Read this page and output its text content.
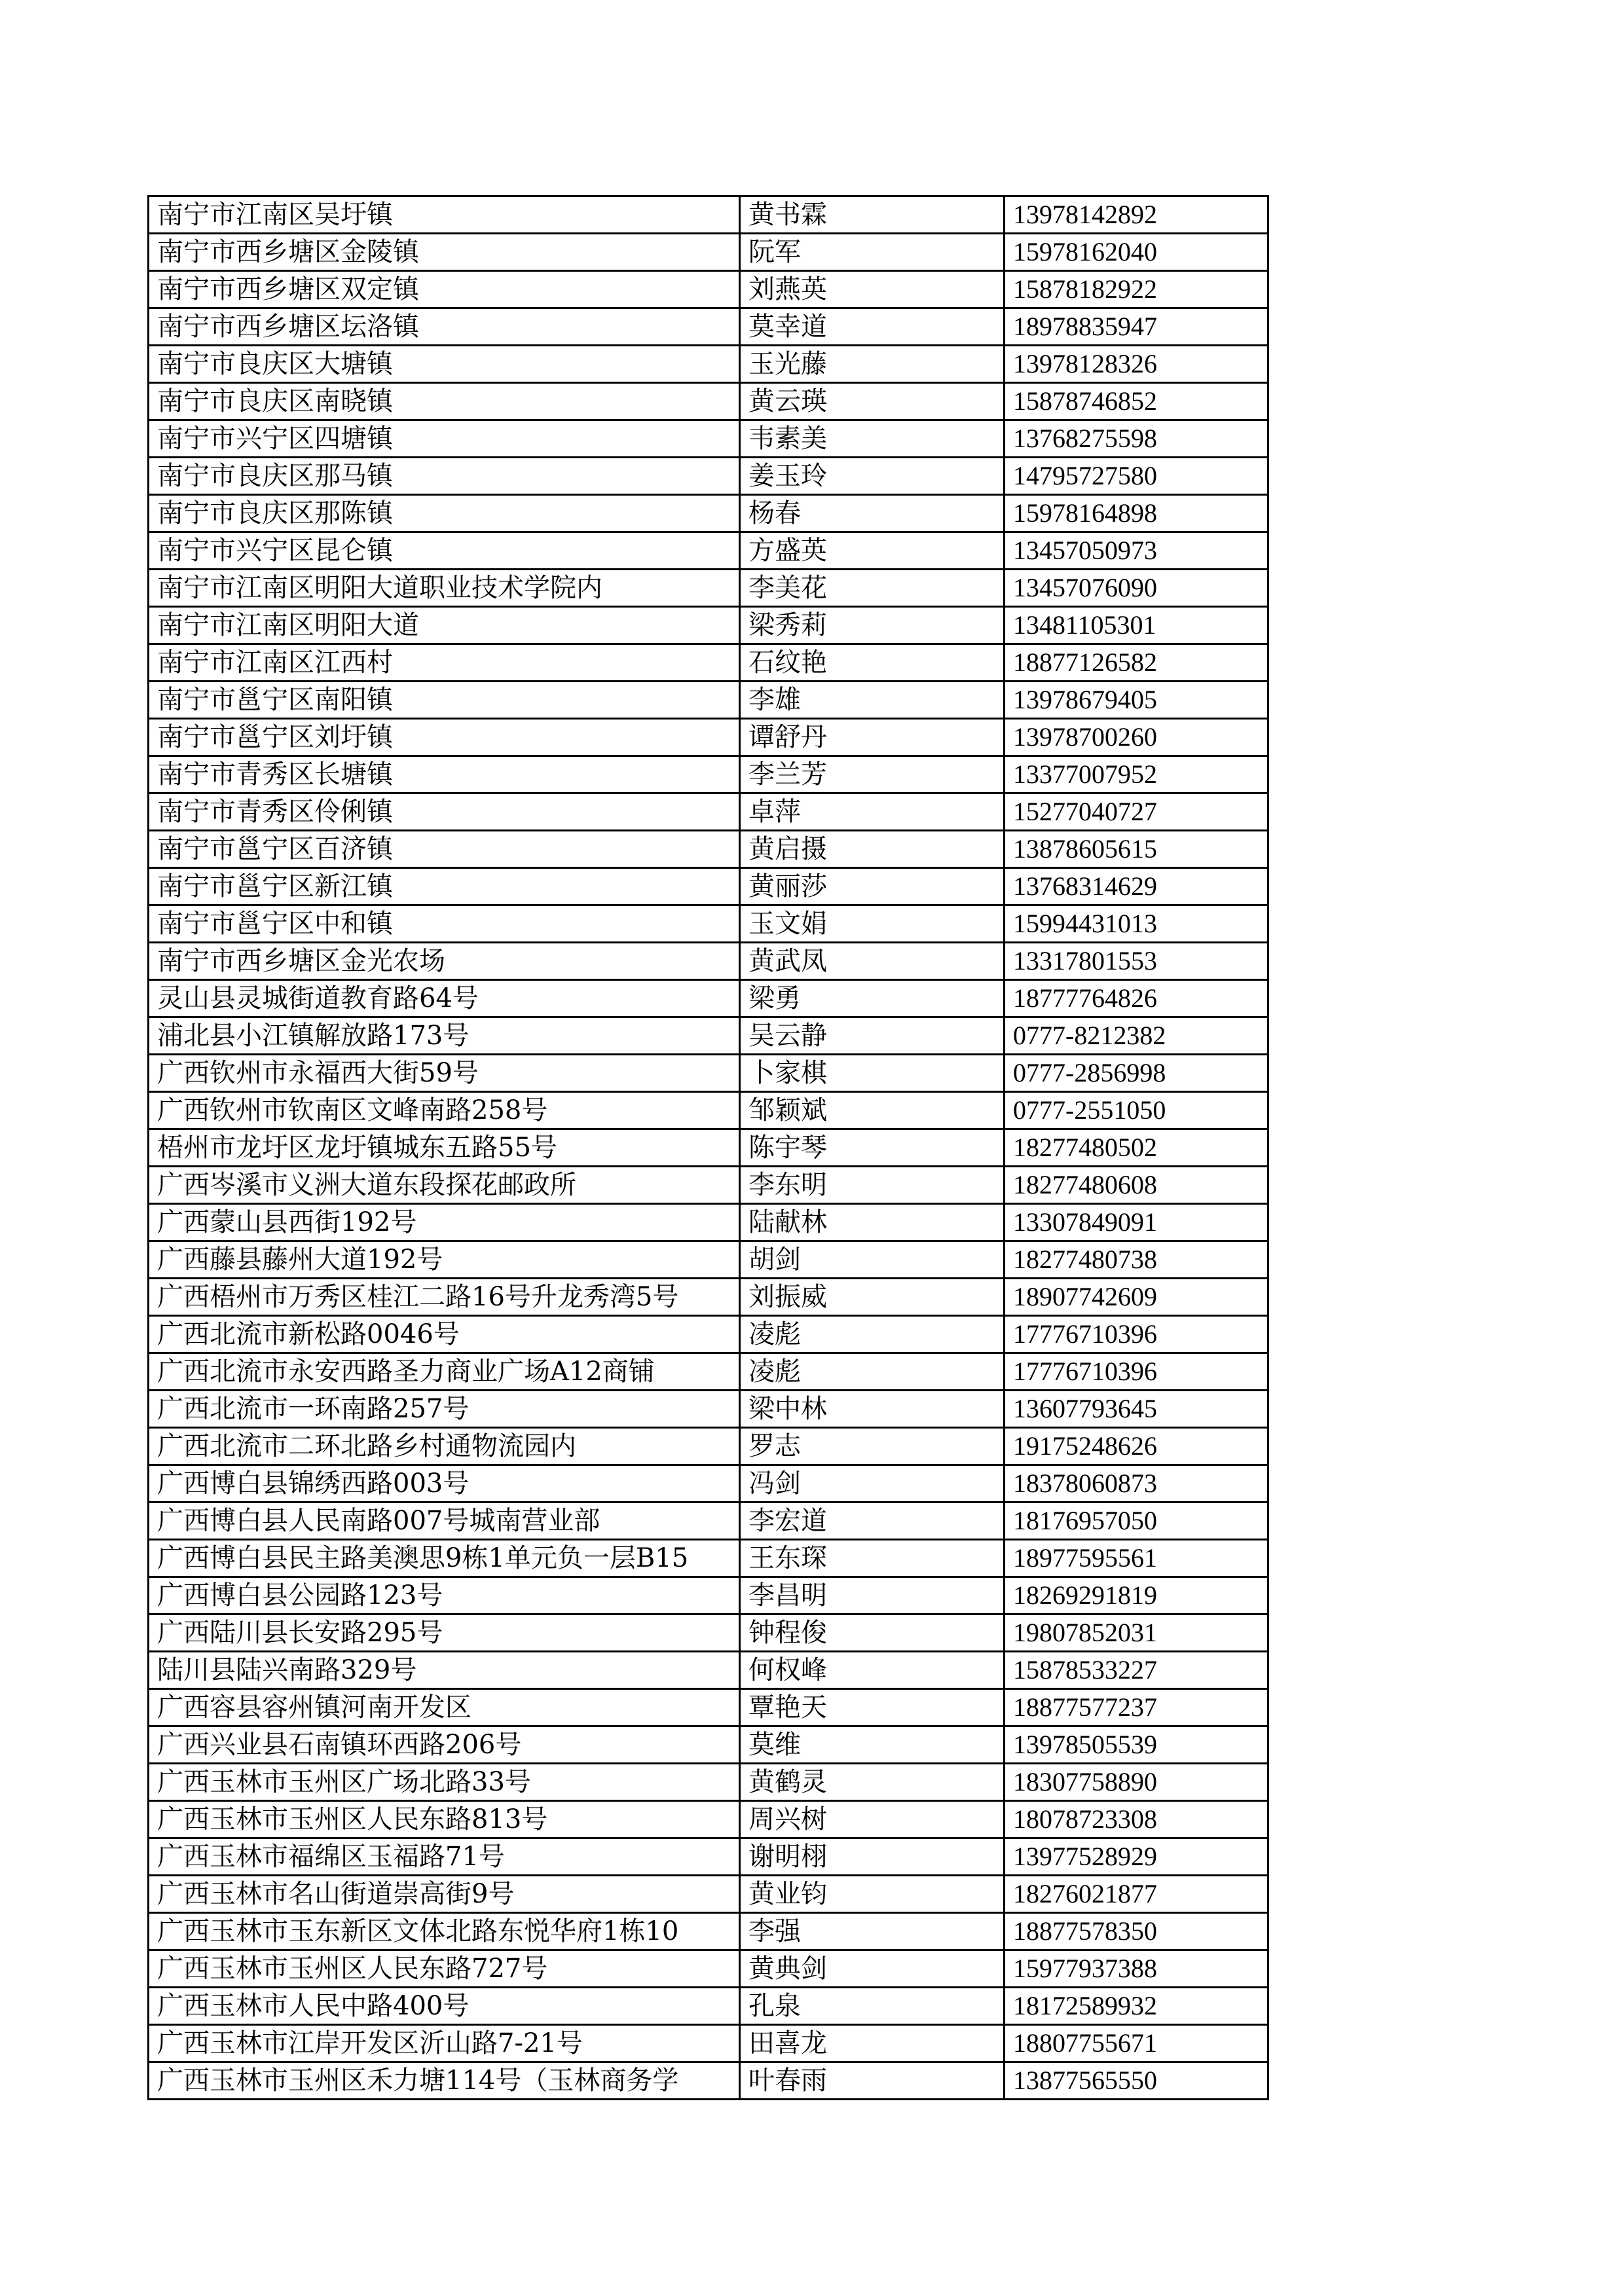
南宁市江南区吴圩镇	黄书霖	13978142892
南宁市西乡塘区金陵镇	阮军	15978162040
南宁市西乡塘区双定镇	刘燕英	15878182922
南宁市西乡塘区坛洛镇	莫幸道	18978835947
南宁市良庆区大塘镇	玉光藤	13978128326
南宁市良庆区南晓镇	黄云瑛	15878746852
南宁市兴宁区四塘镇	韦素美	13768275598
南宁市良庆区那马镇	姜玉玲	14795727580
南宁市良庆区那陈镇	杨春	15978164898
南宁市兴宁区昆仑镇	方盛英	13457050973
南宁市江南区明阳大道职业技术学院内	李美花	13457076090
南宁市江南区明阳大道	梁秀莉	13481105301
南宁市江南区江西村	石纹艳	18877126582
南宁市邕宁区南阳镇	李雄	13978679405
南宁市邕宁区刘圩镇	谭舒丹	13978700260
南宁市青秀区长塘镇	李兰芳	13377007952
南宁市青秀区伶俐镇	卓萍	15277040727
南宁市邕宁区百济镇	黄启摄	13878605615
南宁市邕宁区新江镇	黄丽莎	13768314629
南宁市邕宁区中和镇	玉文娟	15994431013
南宁市西乡塘区金光农场	黄武凤	13317801553
灵山县灵城街道教育路64号	梁勇	18777764826
浦北县小江镇解放路173号	吴云静	0777-8212382
广西钦州市永福西大街59号	卜家棋	0777-2856998
广西钦州市钦南区文峰南路258号	邹颖斌	0777-2551050
梧州市龙圩区龙圩镇城东五路55号	陈宇琴	18277480502
广西岑溪市义洲大道东段探花邮政所	李东明	18277480608
广西蒙山县西街192号	陆献林	13307849091
广西藤县藤州大道192号	胡剑	18277480738
广西梧州市万秀区桂江二路16号升龙秀湾5号	刘振威	18907742609
广西北流市新松路0046号	凌彪	17776710396
广西北流市永安西路圣力商业广场A12商铺	凌彪	17776710396
广西北流市一环南路257号	梁中林	13607793645
广西北流市二环北路乡村通物流园内	罗志	19175248626
广西博白县锦绣西路003号	冯剑	18378060873
广西博白县人民南路007号城南营业部	李宏道	18176957050
广西博白县民主路美澳思9栋1单元负一层B15	王东琛	18977595561
广西博白县公园路123号	李昌明	18269291819
广西陆川县长安路295号	钟程俊	19807852031
陆川县陆兴南路329号	何权峰	15878533227
广西容县容州镇河南开发区	覃艳天	18877577237
广西兴业县石南镇环西路206号	莫维	13978505539
广西玉林市玉州区广场北路33号	黄鹤灵	18307758890
广西玉林市玉州区人民东路813号	周兴树	18078723308
广西玉林市福绵区玉福路71号	谢明栩	13977528929
广西玉林市名山街道崇高街9号	黄业钧	18276021877
广西玉林市玉东新区文体北路东悦华府1栋10	李强	18877578350
广西玉林市玉州区人民东路727号	黄典剑	15977937388
广西玉林市人民中路400号	孔泉	18172589932
广西玉林市江岸开发区沂山路7-21号	田喜龙	18807755671
广西玉林市玉州区禾力塘114号（玉林商务学	叶春雨	13877565550
